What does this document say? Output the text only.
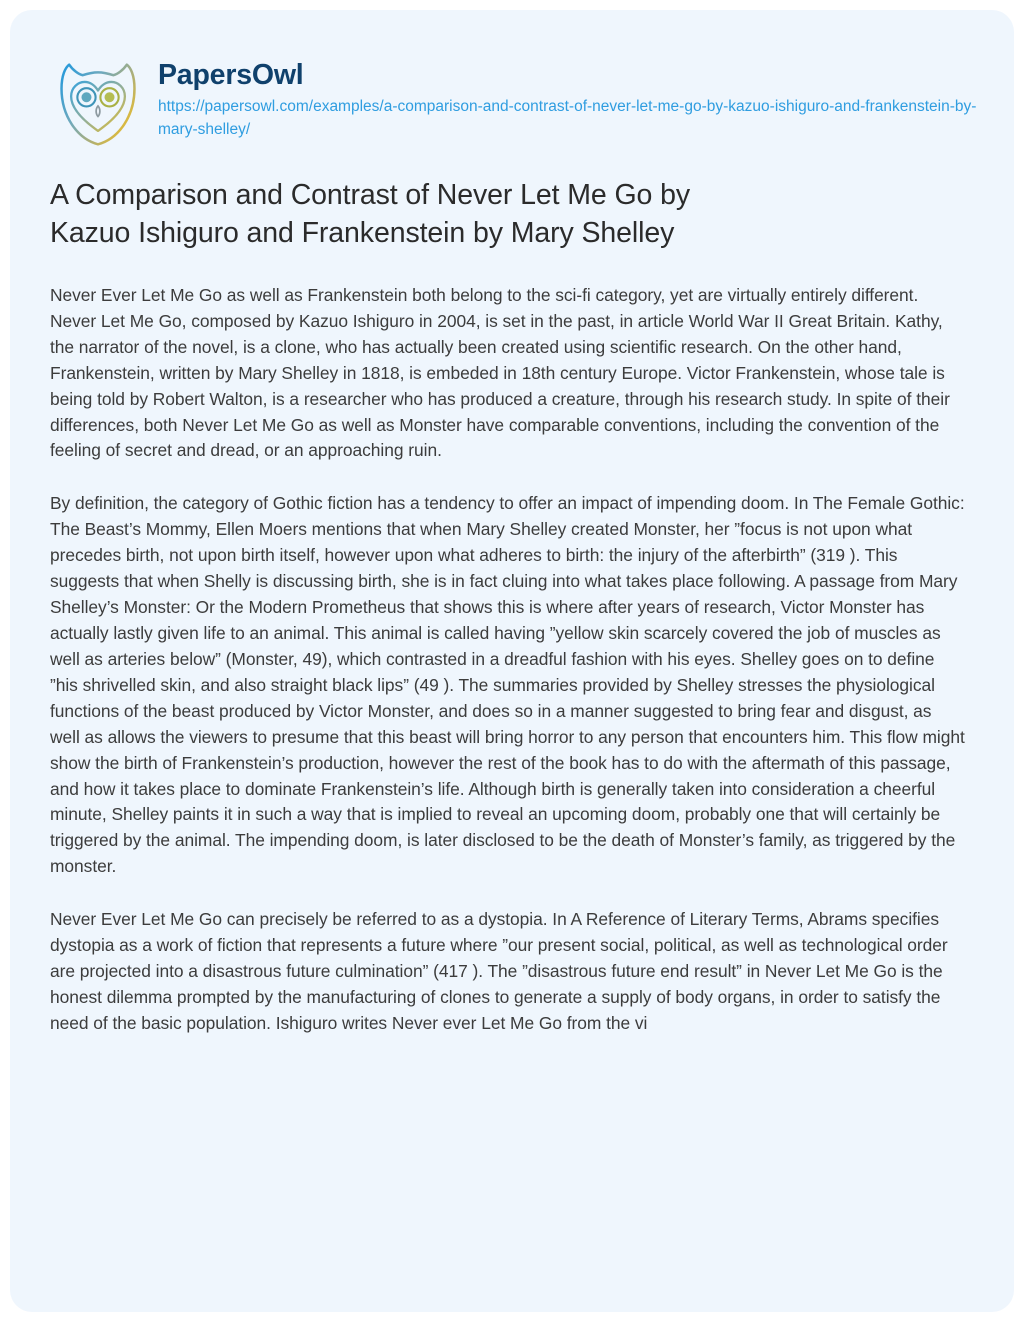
PapersOwl
https://papersowl.com/examples/a-comparison-and-contrast-of-never-let-me-go-by-kazuo-ishiguro-and-frankenstein-by-mary-shelley/
A Comparison and Contrast of Never Let Me Go by Kazuo Ishiguro and Frankenstein by Mary Shelley

Never Ever Let Me Go as well as Frankenstein both belong to the sci-fi category, yet are virtually entirely different. Never Let Me Go, composed by Kazuo Ishiguro in 2004, is set in the past, in article World War II Great Britain. Kathy, the narrator of the novel, is a clone, who has actually been created using scientific research. On the other hand, Frankenstein, written by Mary Shelley in 1818, is embeded in 18th century Europe. Victor Frankenstein, whose tale is being told by Robert Walton, is a researcher who has produced a creature, through his research study. In spite of their differences, both Never Let Me Go as well as Monster have comparable conventions, including the convention of the feeling of secret and dread, or an approaching ruin.

By definition, the category of Gothic fiction has a tendency to offer an impact of impending doom. In The Female Gothic: The Beast’s Mommy, Ellen Moers mentions that when Mary Shelley created Monster, her ”focus is not upon what precedes birth, not upon birth itself, however upon what adheres to birth: the injury of the afterbirth” (319 ). This suggests that when Shelly is discussing birth, she is in fact cluing into what takes place following. A passage from Mary Shelley’s Monster: Or the Modern Prometheus that shows this is where after years of research, Victor Monster has actually lastly given life to an animal. This animal is called having ”yellow skin scarcely covered the job of muscles as well as arteries below” (Monster, 49), which contrasted in a dreadful fashion with his eyes. Shelley goes on to define ”his shrivelled skin, and also straight black lips” (49 ). The summaries provided by Shelley stresses the physiological functions of the beast produced by Victor Monster, and does so in a manner suggested to bring fear and disgust, as well as allows the viewers to presume that this beast will bring horror to any person that encounters him. This flow might show the birth of Frankenstein’s production, however the rest of the book has to do with the aftermath of this passage, and how it takes place to dominate Frankenstein’s life. Although birth is generally taken into consideration a cheerful minute, Shelley paints it in such a way that is implied to reveal an upcoming doom, probably one that will certainly be triggered by the animal. The impending doom, is later disclosed to be the death of Monster’s family, as triggered by the monster.

Never Ever Let Me Go can precisely be referred to as a dystopia. In A Reference of Literary Terms, Abrams specifies dystopia as a work of fiction that represents a future where ”our present social, political, as well as technological order are projected into a disastrous future culmination” (417 ). The ”disastrous future end result” in Never Let Me Go is the honest dilemma prompted by the manufacturing of clones to generate a supply of body organs, in order to satisfy the need of the basic population. Ishiguro writes Never ever Let Me Go from the vi
